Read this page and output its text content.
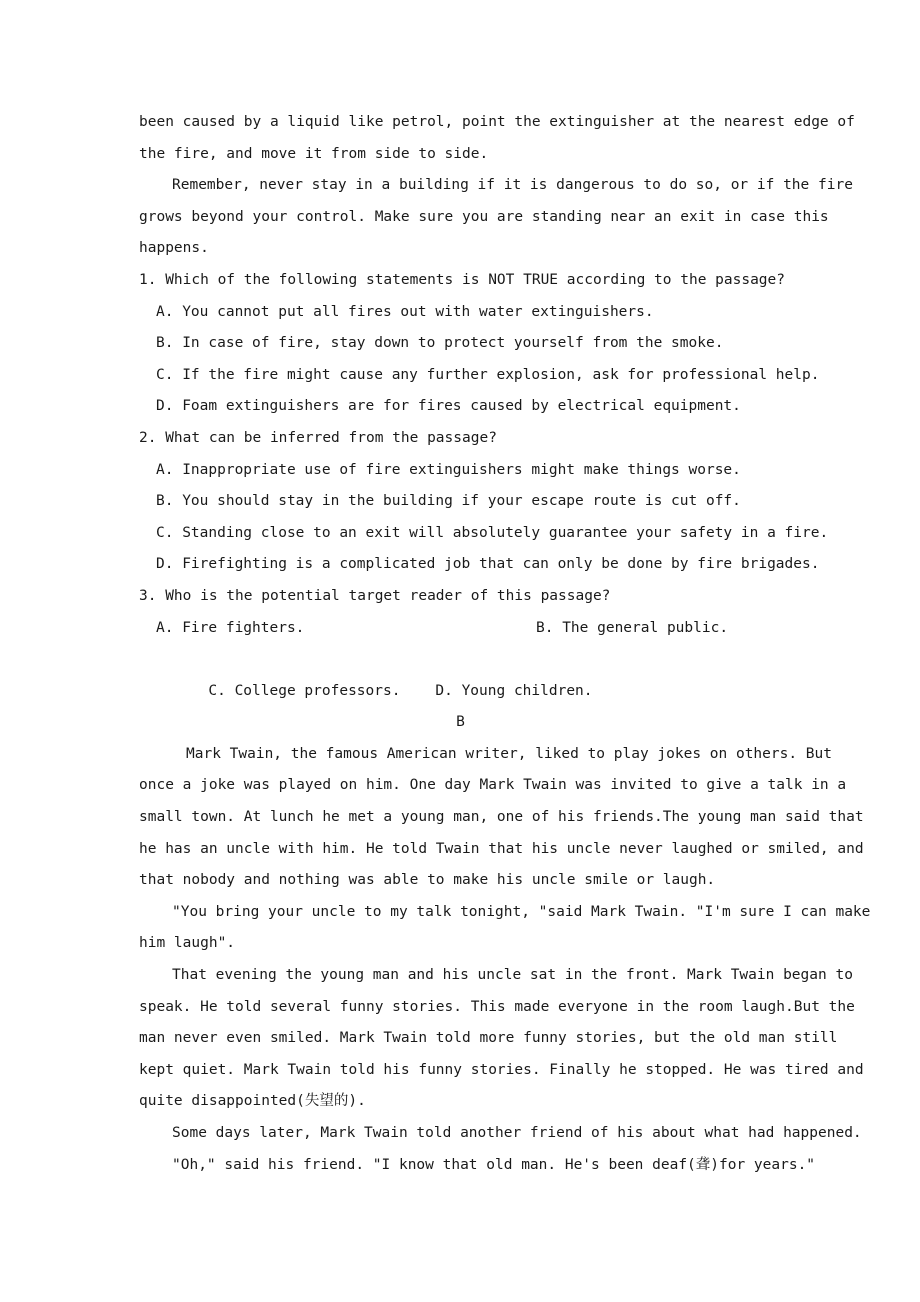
been caused by a liquid like petrol, point the extinguisher at the nearest edge of
the fire, and move it from side to side.
Remember, never stay in a building if it is dangerous to do so, or if the fire
grows beyond your control. Make sure you are standing near an exit in case this
happens.
1. Which of the following statements is NOT TRUE according to the passage?
A. You cannot put all fires out with water extinguishers.
B. In case of fire, stay down to protect yourself from the smoke.
C. If the fire might cause any further explosion, ask for professional help.
D. Foam extinguishers are for fires caused by electrical equipment.
2. What can be inferred from the passage?
A. Inappropriate use of fire extinguishers might make things worse.
B. You should stay in the building if your escape route is cut off.
C. Standing close to an exit will absolutely guarantee your safety in a fire.
D. Firefighting is a complicated job that can only be done by fire brigades.
3. Who is the potential target reader of this passage?
A. Fire fighters.	B. The general public.

C. College professors. D. Young children.

B
Mark Twain, the famous American writer, liked to play jokes on others. But
once a joke was played on him. One day Mark Twain was invited to give a talk in a
small town. At lunch he met a young man, one of his friends.The young man said that
he has an uncle with him. He told Twain that his uncle never laughed or smiled, and
that nobody and nothing was able to make his uncle smile or laugh.
"You bring your uncle to my talk tonight, "said Mark Twain. "I'm sure I can make
him laugh".
That evening the young man and his uncle sat in the front. Mark Twain began to
speak. He told several funny stories. This made everyone in the room laugh.But the
man never even smiled. Mark Twain told more funny stories, but the old man still
kept quiet. Mark Twain told his funny stories. Finally he stopped. He was tired and
quite disappointed(失望的).
Some days later, Mark Twain told another friend of his about what had happened.
"Oh," said his friend. "I know that old man. He's been deaf(聋)for years."
